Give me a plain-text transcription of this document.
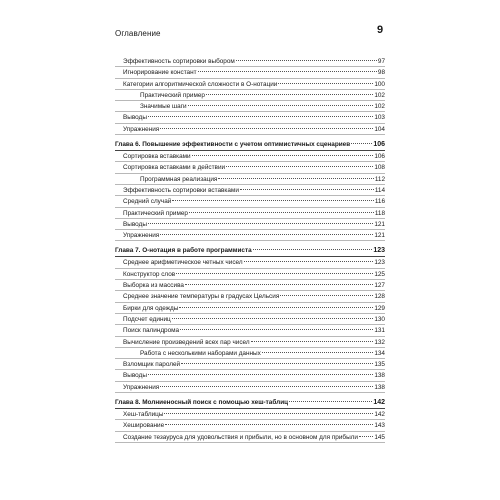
Оглавление	9
Эффективность сортировки выбором	97
Игнорирование констант	98
Категории алгоритмической сложности в О-нотации	100
Практический пример	102
Значимые шаги	102
Выводы	103
Упражнения	104
Глава 6. Повышение эффективности с учетом оптимистичных сценариев	106
Сортировка вставками	106
Сортировка вставками в действии	108
Программная реализация	112
Эффективность сортировки вставками	114
Средний случай	116
Практический пример	118
Выводы	121
Упражнения	121
Глава 7. О-нотация в работе программиста	123
Среднее арифметическое четных чисел	123
Конструктор слов	125
Выборка из массива	127
Среднее значение температуры в градусах Цельсия	128
Бирки для одежды	129
Подсчет единиц	130
Поиск палиндрома	131
Вычисление произведений всех пар чисел	132
Работа с несколькими наборами данных	134
Взломщик паролей	135
Выводы	138
Упражнения	138
Глава 8. Молниеносный поиск с помощью хеш-таблиц	142
Хеш-таблицы	142
Хеширование	143
Создание тезауруса для удовольствия и прибыли, но в основном для прибыли	145
